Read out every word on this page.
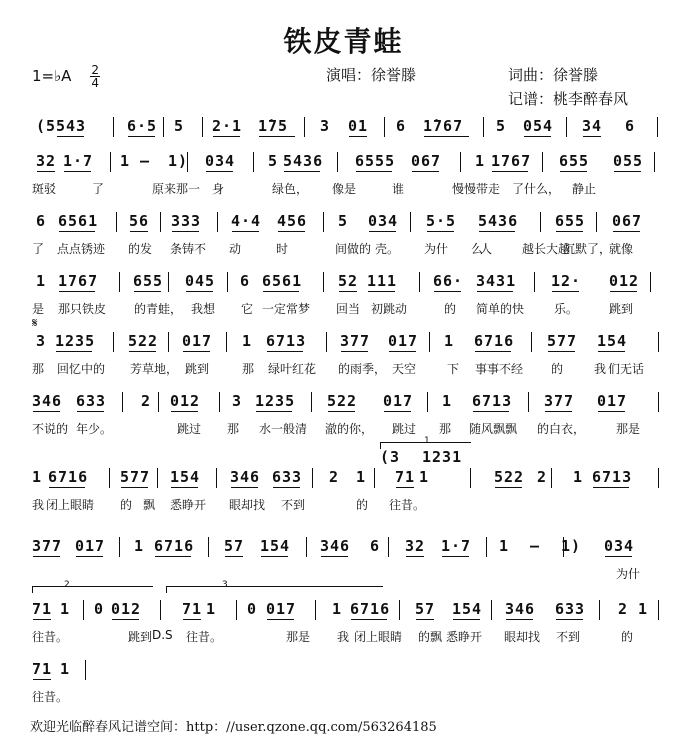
铁皮青蛙
1=♭A $\frac{2}{4}$	演唱：徐誉滕	词曲：徐誉滕
记谱：桃李醉春风
(5 543	6·5 5 2·1 1̇75 3 01 6 1̇767 5 054 34 6
32 1·7 1 – 1) 034 5 5436 6555 067 1 1767 655 055
斑驳	了	原来那一 身	绿色， 像是	谁	慢慢带走 了什么， 静止
6 6561 56 333 4·4 456 5 034 5·5 5436 655 067
了 点点锈迹 的发 条铸不 动	时	间做的 壳。 为什 么
人 越长大越
沉默了，
就像
1 1767 655 045 6 6561 52 111 66· 3431 12· 012
是 那只铁皮 的青蛙， 我想 它 一定常梦 回当 初跳动	的 简单的快 乐。	跳到
3 1235 522 017 1 6713 377 017 1 6716 577 154
那 回忆中的 芳草地， 跳到	那 绿叶红花 的雨季， 天空	下 事事不经 的	我 们无话
𝄋
346 633 2 012 3 1235 522 017 1 6713 377 017
不说的 年少。	跳过 那 水一般清 澈的你， 跳过 那 随风飘飘 的白衣，	那是
1 6716 577 154 346 633 2 1 71 1	522 2 1 6713
我 闭上眼睛 的 飘 悉睁开 眼却找 不到	的 往昔。
(3 1231
1
377 017 1 6716 57 154 346 6 32 1·7 1 – 1) 034
为什
71 1 0 012	71 1 0 017 1 6716 57 154 346 633 2 1
往昔。	跳到 D.S 往昔。	那是 我 闭上眼睛 的飘 悉睁开 眼却找 不到	的
2	3
71 1
往昔。
欢迎光临醉春风记谱空间：http：//user.qzone.qq.com/563264185
